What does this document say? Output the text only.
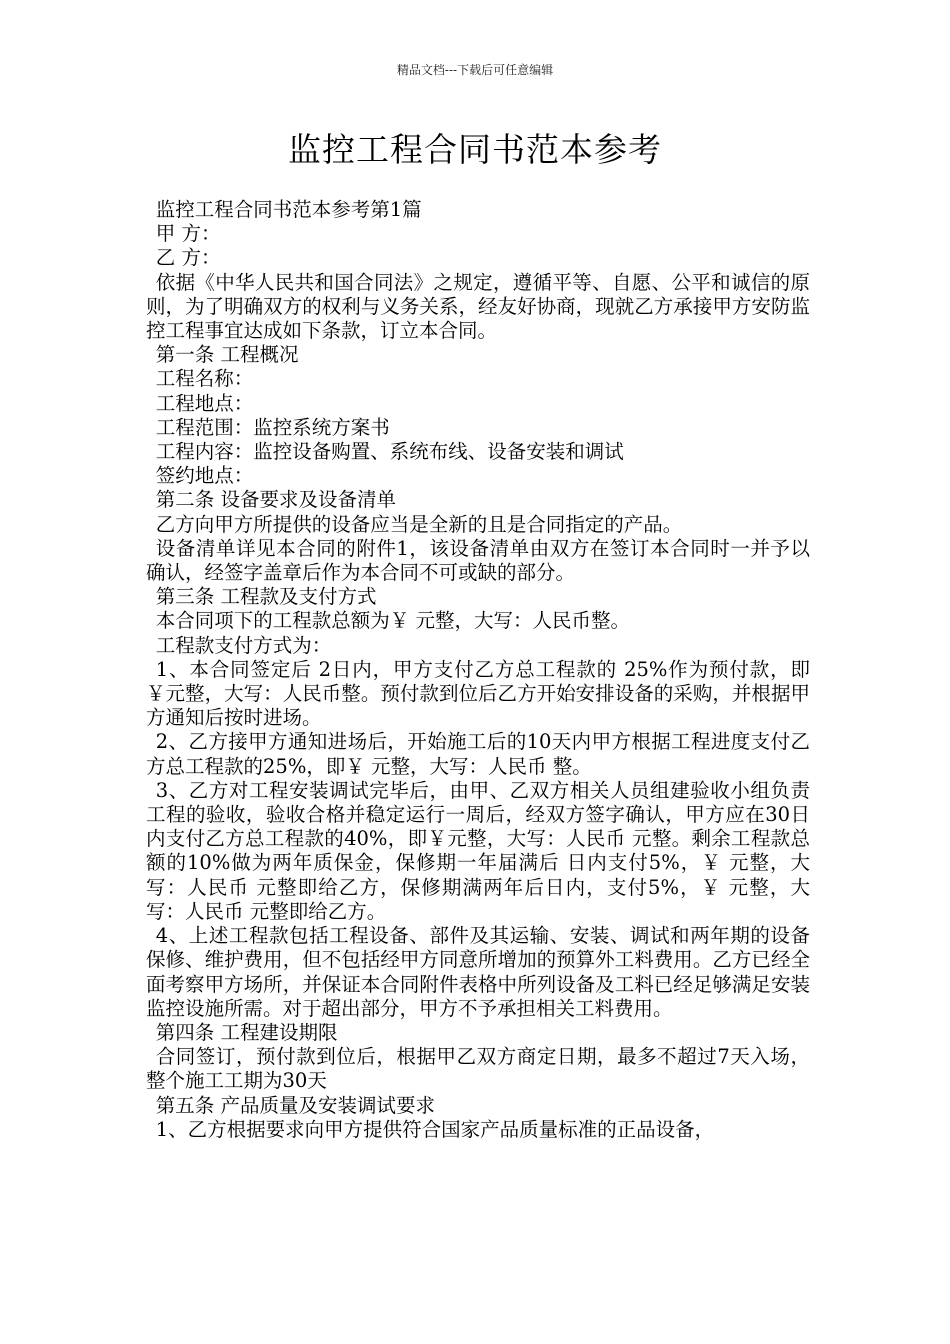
精品文档---下载后可任意编辑
监控工程合同书范本参考

监控工程合同书范本参考第1篇

甲 方：

乙 方：

依据《中华人民共和国合同法》之规定，遵循平等、自愿、公平和诚信的原则，为了明确双方的权利与义务关系，经友好协商，现就乙方承接甲方安防监控工程事宜达成如下条款，订立本合同。

第一条 工程概况

工程名称：

工程地点：

工程范围：监控系统方案书

工程内容：监控设备购置、系统布线、设备安装和调试

签约地点：

第二条 设备要求及设备清单

乙方向甲方所提供的设备应当是全新的且是合同指定的产品。

设备清单详见本合同的附件1，该设备清单由双方在签订本合同时一并予以确认，经签字盖章后作为本合同不可或缺的部分。

第三条 工程款及支付方式

本合同项下的工程款总额为￥ 元整，大写：人民币整。

工程款支付方式为：

1、本合同签定后 2日内，甲方支付乙方总工程款的 25%作为预付款，即￥元整，大写：人民币整。预付款到位后乙方开始安排设备的采购，并根据甲方通知后按时进场。

2、乙方接甲方通知进场后，开始施工后的10天内甲方根据工程进度支付乙方总工程款的25%，即￥ 元整，大写：人民币 整。

3、乙方对工程安装调试完毕后，由甲、乙双方相关人员组建验收小组负责工程的验收，验收合格并稳定运行一周后，经双方签字确认，甲方应在30日内支付乙方总工程款的40%，即￥元整，大写：人民币 元整。剩余工程款总额的10%做为两年质保金，保修期一年届满后 日内支付5%，￥ 元整，大写：人民币 元整即给乙方，保修期满两年后日内，支付5%，￥ 元整，大写：人民币 元整即给乙方。

4、上述工程款包括工程设备、部件及其运输、安装、调试和两年期的设备保修、维护费用，但不包括经甲方同意所增加的预算外工料费用。乙方已经全面考察甲方场所，并保证本合同附件表格中所列设备及工料已经足够满足安装监控设施所需。对于超出部分，甲方不予承担相关工料费用。

第四条 工程建设期限

合同签订，预付款到位后，根据甲乙双方商定日期，最多不超过7天入场，整个施工工期为30天

第五条 产品质量及安装调试要求

1、乙方根据要求向甲方提供符合国家产品质量标准的正品设备，
